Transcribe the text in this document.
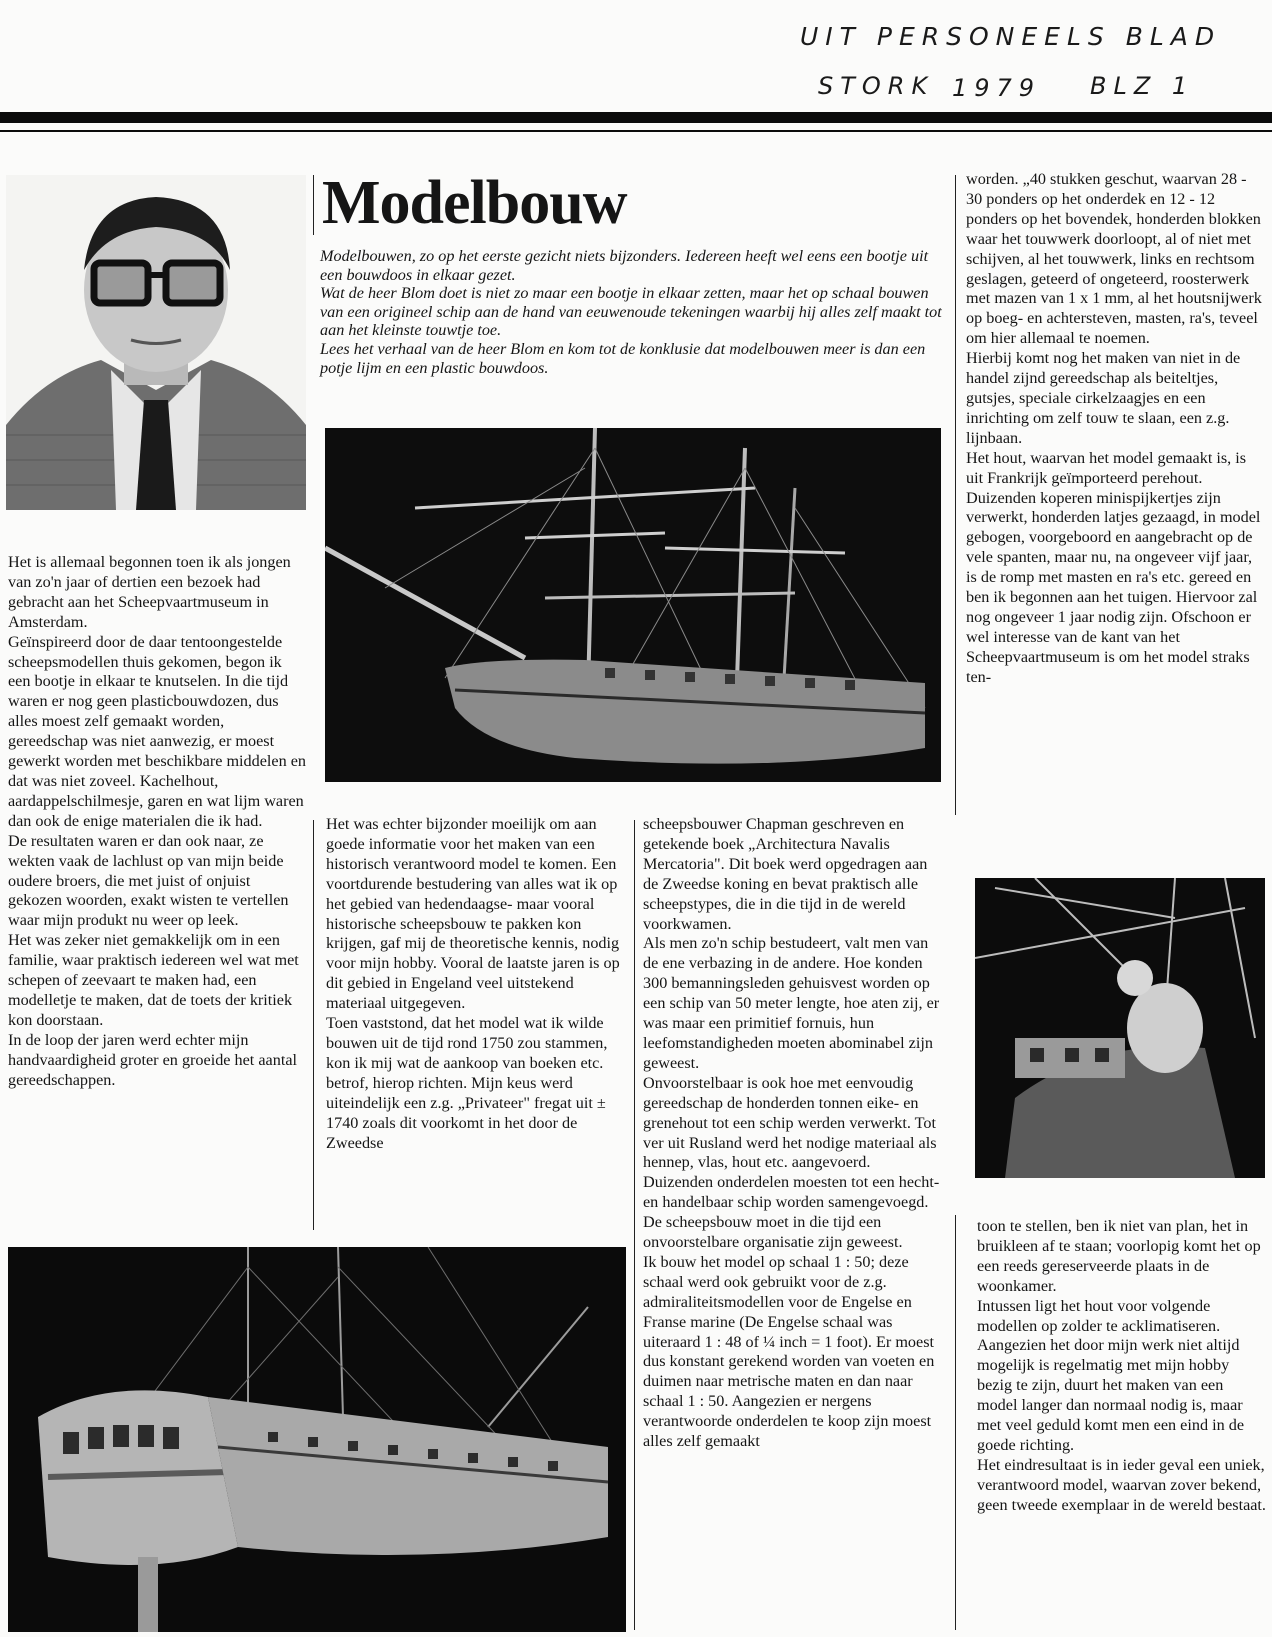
UIT PERSONEELS BLAD
STORK 1979 BLZ 1
Modelbouw

Modelbouwen, zo op het eerste gezicht niets bijzonders. Iedereen heeft wel eens een bootje uit een bouwdoos in elkaar gezet.

Wat de heer Blom doet is niet zo maar een bootje in elkaar zetten, maar het op schaal bouwen van een origineel schip aan de hand van eeuwenoude tekeningen waarbij hij alles zelf maakt tot aan het kleinste touwtje toe.

Lees het verhaal van de heer Blom en kom tot de konklusie dat modelbouwen meer is dan een potje lijm en een plastic bouwdoos.

Het is allemaal begonnen toen ik als jongen van zo'n jaar of dertien een bezoek had gebracht aan het Scheepvaartmuseum in Amsterdam.

Geïnspireerd door de daar tentoongestelde scheepsmodellen thuis gekomen, begon ik een bootje in elkaar te knutselen. In die tijd waren er nog geen plasticbouwdozen, dus alles moest zelf gemaakt worden, gereedschap was niet aanwezig, er moest gewerkt worden met beschikbare middelen en dat was niet zoveel. Kachelhout, aardappelschilmesje, garen en wat lijm waren dan ook de enige materialen die ik had.

De resultaten waren er dan ook naar, ze wekten vaak de lachlust op van mijn beide oudere broers, die met juist of onjuist gekozen woorden, exakt wisten te vertellen waar mijn produkt nu weer op leek.

Het was zeker niet gemakkelijk om in een familie, waar praktisch iedereen wel wat met schepen of zeevaart te maken had, een modelletje te maken, dat de toets der kritiek kon doorstaan.

In de loop der jaren werd echter mijn handvaardigheid groter en groeide het aantal gereedschappen.

Het was echter bijzonder moeilijk om aan goede informatie voor het maken van een historisch verantwoord model te komen. Een voortdurende bestudering van alles wat ik op het gebied van hedendaagse- maar vooral historische scheepsbouw te pakken kon krijgen, gaf mij de theoretische kennis, nodig voor mijn hobby. Vooral de laatste jaren is op dit gebied in Engeland veel uitstekend materiaal uitgegeven.

Toen vaststond, dat het model wat ik wilde bouwen uit de tijd rond 1750 zou stammen, kon ik mij wat de aankoop van boeken etc. betrof, hierop richten. Mijn keus werd uiteindelijk een z.g. „Privateer" fregat uit ± 1740 zoals dit voorkomt in het door de Zweedse

scheepsbouwer Chapman geschreven en getekende boek „Architectura Navalis Mercatoria". Dit boek werd opgedragen aan de Zweedse koning en bevat praktisch alle scheepstypes, die in die tijd in de wereld voorkwamen.

Als men zo'n schip bestudeert, valt men van de ene verbazing in de andere. Hoe konden 300 bemanningsleden gehuisvest worden op een schip van 50 meter lengte, hoe aten zij, er was maar een primitief fornuis, hun leefomstandigheden moeten abominabel zijn geweest.

Onvoorstelbaar is ook hoe met eenvoudig gereedschap de honderden tonnen eike- en grenehout tot een schip werden verwerkt. Tot ver uit Rusland werd het nodige materiaal als hennep, vlas, hout etc. aangevoerd.

Duizenden onderdelen moesten tot een hecht- en handelbaar schip worden samengevoegd.

De scheepsbouw moet in die tijd een onvoorstelbare organisatie zijn geweest.

Ik bouw het model op schaal 1 : 50; deze schaal werd ook gebruikt voor de z.g. admiraliteitsmodellen voor de Engelse en Franse marine (De Engelse schaal was uiteraard 1 : 48 of ¼ inch = 1 foot). Er moest dus konstant gerekend worden van voeten en duimen naar metrische maten en dan naar schaal 1 : 50. Aangezien er nergens verantwoorde onderdelen te koop zijn moest alles zelf gemaakt

worden. „40 stukken geschut, waarvan 28 - 30 ponders op het onderdek en 12 - 12 ponders op het bovendek, honderden blokken waar het touwwerk doorloopt, al of niet met schijven, al het touwwerk, links en rechtsom geslagen, geteerd of ongeteerd, roosterwerk met mazen van 1 x 1 mm, al het houtsnijwerk op boeg- en achtersteven, masten, ra's, teveel om hier allemaal te noemen.

Hierbij komt nog het maken van niet in de handel zijnd gereedschap als beiteltjes, gutsjes, speciale cirkelzaagjes en een inrichting om zelf touw te slaan, een z.g. lijnbaan.

Het hout, waarvan het model gemaakt is, is uit Frankrijk geïmporteerd perehout.

Duizenden koperen minispijkertjes zijn verwerkt, honderden latjes gezaagd, in model gebogen, voorgeboord en aangebracht op de vele spanten, maar nu, na ongeveer vijf jaar, is de romp met masten en ra's etc. gereed en ben ik begonnen aan het tuigen. Hiervoor zal nog ongeveer 1 jaar nodig zijn. Ofschoon er wel interesse van de kant van het Scheepvaartmuseum is om het model straks ten-

toon te stellen, ben ik niet van plan, het in bruikleen af te staan; voorlopig komt het op een reeds gereserveerde plaats in de woonkamer.

Intussen ligt het hout voor volgende modellen op zolder te acklimatiseren.

Aangezien het door mijn werk niet altijd mogelijk is regelmatig met mijn hobby bezig te zijn, duurt het maken van een model langer dan normaal nodig is, maar met veel geduld komt men een eind in de goede richting.

Het eindresultaat is in ieder geval een uniek, verantwoord model, waarvan zover bekend, geen tweede exemplaar in de wereld bestaat.
